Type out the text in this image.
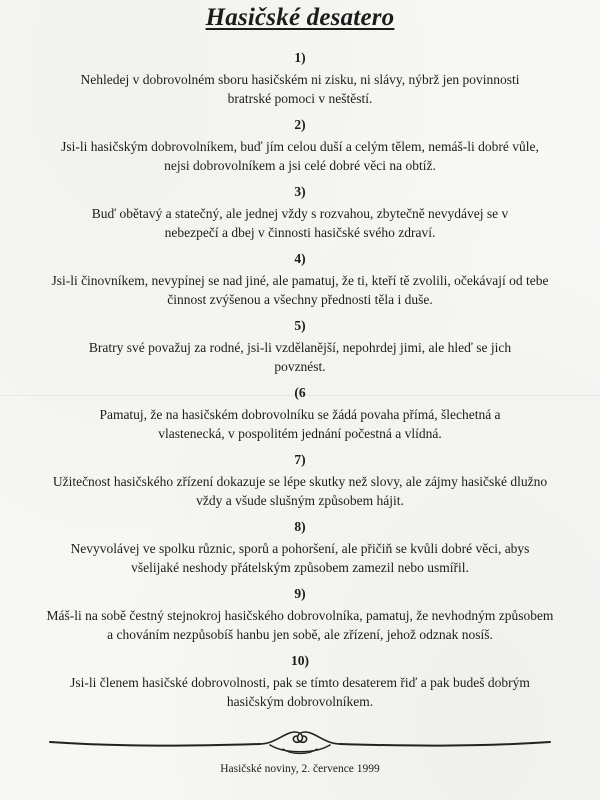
Hasičské desatero
1)
Nehledej v dobrovolném sboru hasičském ni zisku, ni slávy, nýbrž jen povinnosti bratrské pomoci v neštěstí.
2)
Jsi-li hasičským dobrovolníkem, buď jím celou duší a celým tělem, nemáš-li dobré vůle, nejsi dobrovolníkem a jsi celé dobré věci na obtíž.
3)
Buď obětavý a statečný, ale jednej vždy s rozvahou, zbytečně nevydávej se v nebezpečí a dbej v činnosti hasičské svého zdraví.
4)
Jsi-li činovníkem, nevypínej se nad jiné, ale pamatuj, že ti, kteří tě zvolili, očekávají od tebe činnost zvýšenou a všechny přednosti těla i duše.
5)
Bratry své považuj za rodné, jsi-li vzdělanější, nepohrdej jimi, ale hleď se jich povznést.
(6
Pamatuj, že na hasičském dobrovolníku se žádá povaha přímá, šlechetná a vlastenecká, v pospolitém jednání počestná a vlídná.
7)
Užitečnost hasičského zřízení dokazuje se lépe skutky než slovy, ale zájmy hasičské dlužno vždy a všude slušným způsobem hájit.
8)
Nevyvolávej ve spolku různic, sporů a pohoršení, ale přičiň se kvůli dobré věci, abys všelijaké neshody přátelským způsobem zamezil nebo usmířil.
9)
Máš-li na sobě čestný stejnokroj hasičského dobrovolníka, pamatuj, že nevhodným způsobem a chováním nezpůsobíš hanbu jen sobě, ale zřízení, jehož odznak nosíš.
10)
Jsi-li členem hasičské dobrovolnosti, pak se tímto desaterem řiď a pak budeš dobrým hasičským dobrovolníkem.
Hasičské noviny, 2. července 1999
